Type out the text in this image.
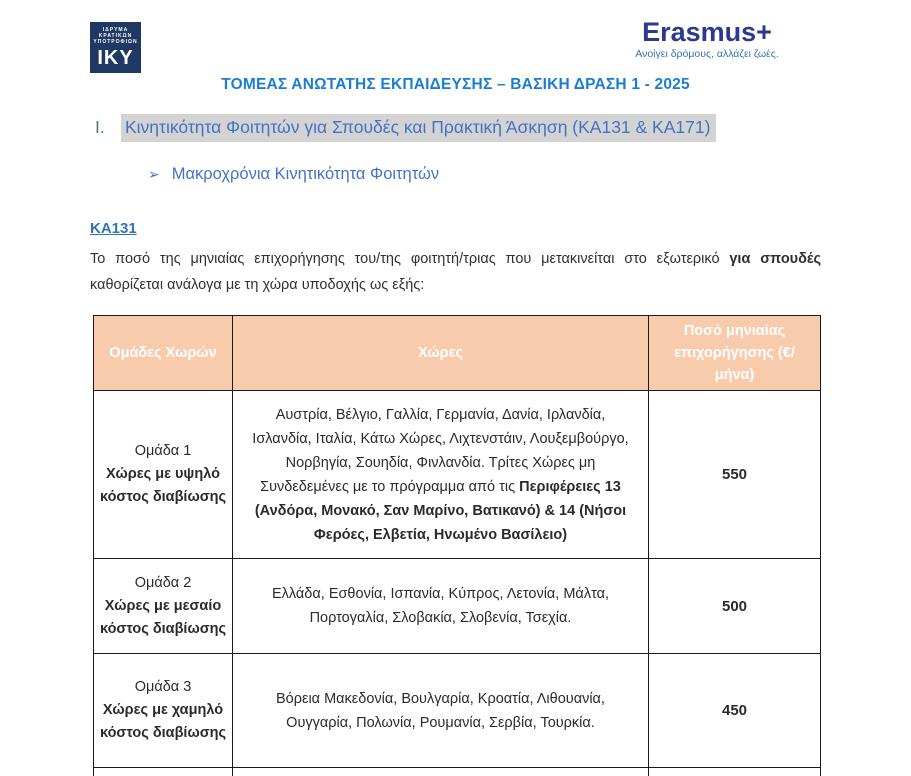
ΙΔΡΥΜΑ
ΚΡΑΤΙΚΩΝ
ΥΠΟΤΡΟΦΙΩΝ
IKY
Erasmus+
Ανοίγει δρόμους, αλλάζει ζωές.
ΤΟΜΕΑΣ ΑΝΩΤΑΤΗΣ ΕΚΠΑΙΔΕΥΣΗΣ – ΒΑΣΙΚΗ ΔΡΑΣΗ 1 - 2025
I.	Κινητικότητα Φοιτητών για Σπουδές και Πρακτική Άσκηση (ΚΑ131 & ΚΑ171)
➢ Μακροχρόνια Κινητικότητα Φοιτητών
ΚΑ131
Το ποσό της μηνιαίας επιχορήγησης του/της φοιτητή/τριας που μετακινείται στο εξωτερικό για σπουδές
καθορίζεται ανάλογα με τη χώρα υποδοχής ως εξής:
Ομάδες Χωρών	Χώρες	Ποσό μηνιαίας επιχορήγησης (€/μήνα)
Ομάδα 1
Χώρες με υψηλό κόστος διαβίωσης	Αυστρία, Βέλγιο, Γαλλία, Γερμανία, Δανία, Ιρλανδία, Ισλανδία, Ιταλία, Κάτω Χώρες, Λιχτενστάιν, Λουξεμβούργο, Νορβηγία, Σουηδία, Φινλανδία. Τρίτες Χώρες μη Συνδεδεμένες με το πρόγραμμα από τις Περιφέρειες 13 (Ανδόρα, Μονακό, Σαν Μαρίνο, Βατικανό) & 14 (Νήσοι Φερόες, Ελβετία, Ηνωμένο Βασίλειο)	550
Ομάδα 2
Χώρες με μεσαίο κόστος διαβίωσης	Ελλάδα, Εσθονία, Ισπανία, Κύπρος, Λετονία, Μάλτα, Πορτογαλία, Σλοβακία, Σλοβενία, Τσεχία.	500
Ομάδα 3
Χώρες με χαμηλό κόστος διαβίωσης	Βόρεια Μακεδονία, Βουλγαρία, Κροατία, Λιθουανία, Ουγγαρία, Πολωνία, Ρουμανία, Σερβία, Τουρκία.	450
